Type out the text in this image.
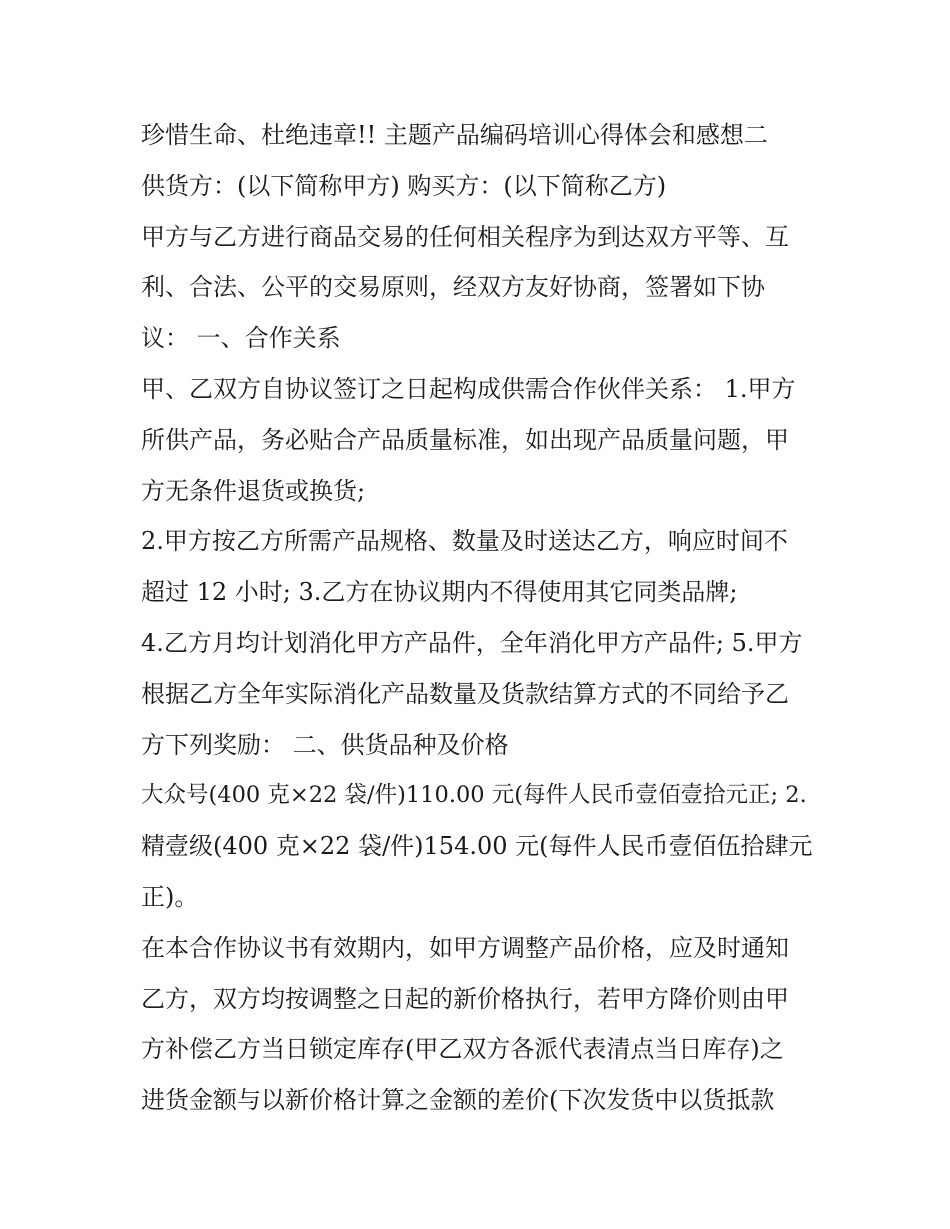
珍惜生命、杜绝违章!! 主题产品编码培训心得体会和感想二

供货方：(以下简称甲方) 购买方：(以下简称乙方)

甲方与乙方进行商品交易的任何相关程序为到达双方平等、互

利、合法、公平的交易原则，经双方友好协商，签署如下协

议： 一、合作关系

甲、乙双方自协议签订之日起构成供需合作伙伴关系： 1.甲方

所供产品，务必贴合产品质量标准，如出现产品质量问题，甲

方无条件退货或换货;

2.甲方按乙方所需产品规格、数量及时送达乙方，响应时间不

超过 12 小时; 3.乙方在协议期内不得使用其它同类品牌;

4.乙方月均计划消化甲方产品件，全年消化甲方产品件; 5.甲方

根据乙方全年实际消化产品数量及货款结算方式的不同给予乙

方下列奖励： 二、供货品种及价格

大众号(400 克×22 袋/件)110.00 元(每件人民币壹佰壹拾元正; 2.

精壹级(400 克×22 袋/件)154.00 元(每件人民币壹佰伍拾肆元

正)。

在本合作协议书有效期内，如甲方调整产品价格，应及时通知

乙方，双方均按调整之日起的新价格执行，若甲方降价则由甲

方补偿乙方当日锁定库存(甲乙双方各派代表清点当日库存)之

进货金额与以新价格计算之金额的差价(下次发货中以货抵款
